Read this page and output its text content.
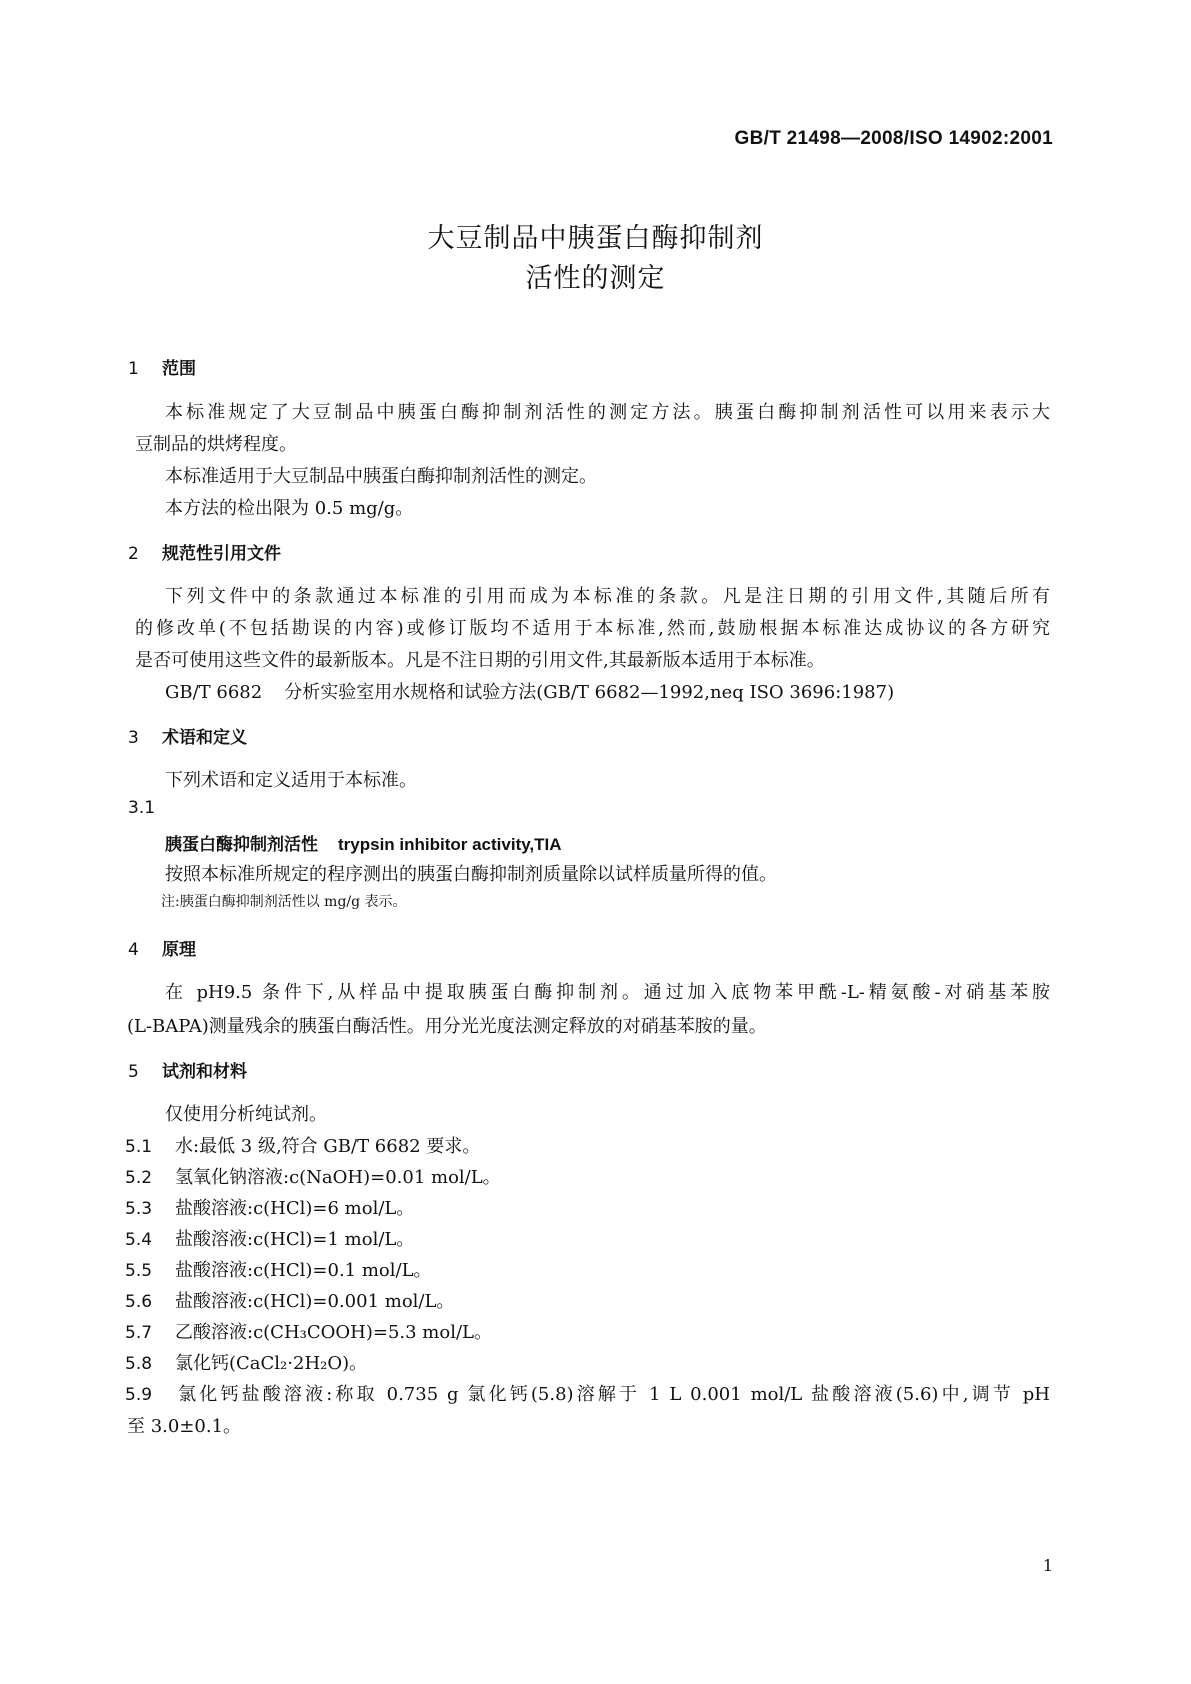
GB/T 21498—2008/ISO 14902:2001
大豆制品中胰蛋白酶抑制剂
活性的测定
1 范围
本标准规定了大豆制品中胰蛋白酶抑制剂活性的测定方法。胰蛋白酶抑制剂活性可以用来表示大
豆制品的烘烤程度。
本标准适用于大豆制品中胰蛋白酶抑制剂活性的测定。
本方法的检出限为 0.5 mg/g。
2 规范性引用文件
下列文件中的条款通过本标准的引用而成为本标准的条款。凡是注日期的引用文件,其随后所有
的修改单(不包括勘误的内容)或修订版均不适用于本标准,然而,鼓励根据本标准达成协议的各方研究
是否可使用这些文件的最新版本。凡是不注日期的引用文件,其最新版本适用于本标准。
GB/T 6682 分析实验室用水规格和试验方法(GB/T 6682—1992,neq ISO 3696:1987)
3 术语和定义
下列术语和定义适用于本标准。
3.1
胰蛋白酶抑制剂活性 trypsin inhibitor activity,TIA
按照本标准所规定的程序测出的胰蛋白酶抑制剂质量除以试样质量所得的值。
注:胰蛋白酶抑制剂活性以 mg/g 表示。
4 原理
在 pH9.5 条件下,从样品中提取胰蛋白酶抑制剂。通过加入底物苯甲酰-L-精氨酸-对硝基苯胺
(L-BAPA)测量残余的胰蛋白酶活性。用分光光度法测定释放的对硝基苯胺的量。
5 试剂和材料
仅使用分析纯试剂。
5.1 水:最低 3 级,符合 GB/T 6682 要求。
5.2 氢氧化钠溶液:c(NaOH)=0.01 mol/L。
5.3 盐酸溶液:c(HCl)=6 mol/L。
5.4 盐酸溶液:c(HCl)=1 mol/L。
5.5 盐酸溶液:c(HCl)=0.1 mol/L。
5.6 盐酸溶液:c(HCl)=0.001 mol/L。
5.7 乙酸溶液:c(CH₃COOH)=5.3 mol/L。
5.8 氯化钙(CaCl₂·2H₂O)。
5.9 氯化钙盐酸溶液:称取 0.735 g 氯化钙(5.8)溶解于 1 L 0.001 mol/L 盐酸溶液(5.6)中,调节 pH
至 3.0±0.1。
1
